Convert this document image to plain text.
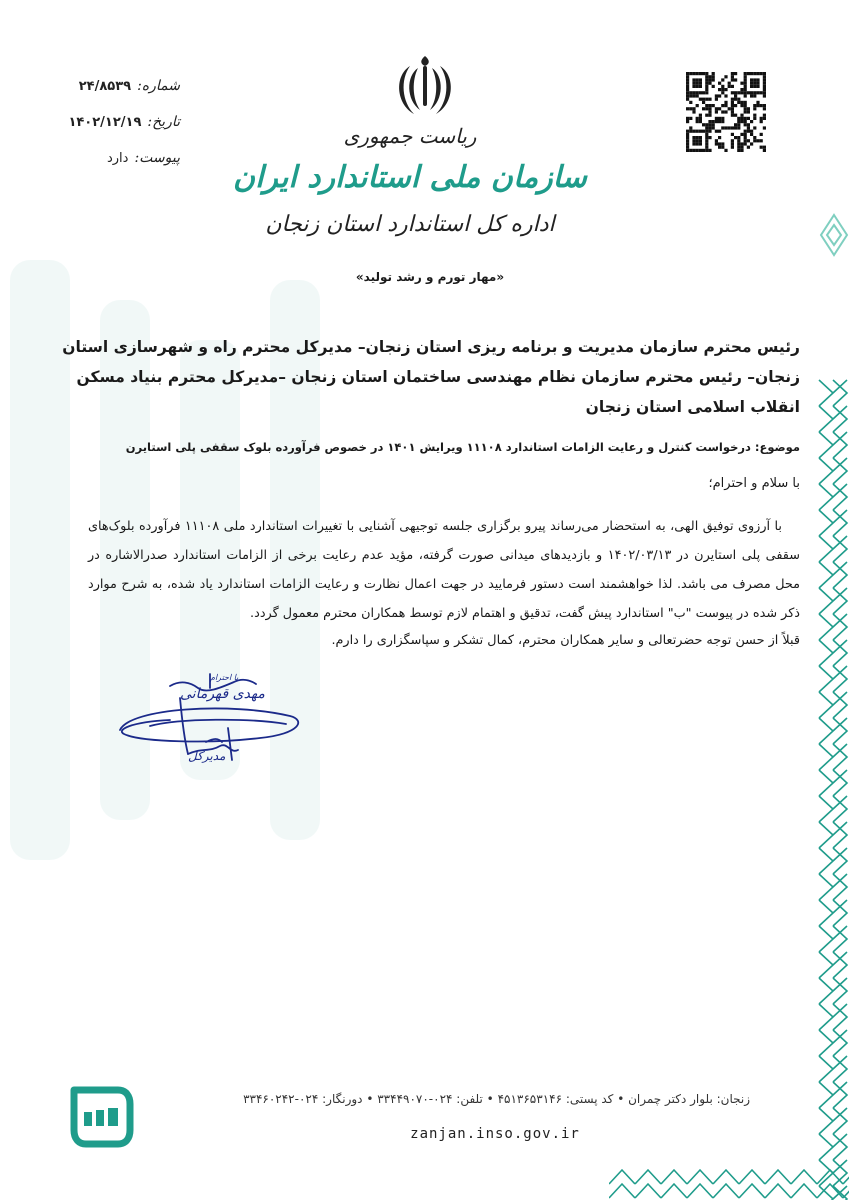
شماره:
۲۴/۸۵۳۹
تاریخ:
۱۴۰۲/۱۲/۱۹
پیوست:
دارد
ریاست جمهوری
سازمان ملی استاندارد ایران
اداره کل استاندارد استان زنجان
«مهار تورم و رشد تولید»
رئیس محترم سازمان مدیریت و برنامه ریزی استان زنجان– مدیرکل محترم راه و شهرسازی استان زنجان– رئیس محترم سازمان نظام مهندسی ساختمان استان زنجان –مدیرکل محترم بنیاد مسکن انقلاب اسلامی استان زنجان
موضوع: درخواست کنترل و رعایت الزامات استاندارد ۱۱۱۰۸ ویرایش ۱۴۰۱ در خصوص فرآورده بلوک سقفی پلی استایرن
با سلام و احترام؛
با آرزوی توفیق الهی، به استحضار می‌رساند پیرو برگزاری جلسه توجیهی آشنایی با تغییرات استاندارد ملی ۱۱۱۰۸ فرآورده بلوک‌های سقفی پلی استایرن در ۱۴۰۲/۰۳/۱۳ و بازدیدهای میدانی صورت گرفته، مؤید عدم رعایت برخی از الزامات استاندارد صدرالاشاره در محل مصرف می باشد. لذا خواهشمند است دستور فرمایید در جهت اعمال نظارت و رعایت الزامات استاندارد یاد شده، به شرح موارد ذکر شده در پیوست "ب" استاندارد پیش گفت، تدقیق و اهتمام لازم توسط همکاران محترم معمول گردد.
قبلاً از حسن توجه حضرتعالی و سایر همکاران محترم، کمال تشکر و سپاسگزاری را دارم.
با احترام
مهدی قهرمانی
مدیرکل
زنجان: بلوار دکتر چمران • کد پستی: ۴۵۱۳۶۵۳۱۴۶ • تلفن: ۰۲۴-۳۳۴۴۹۰۷۰ • دورنگار: ۰۲۴-۳۳۴۶۰۲۴۲
zanjan.inso.gov.ir
